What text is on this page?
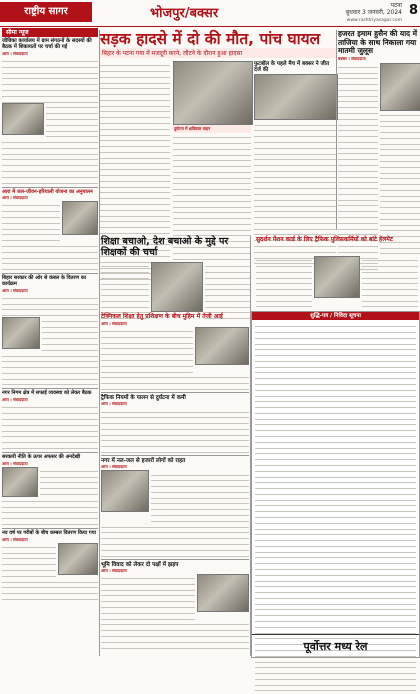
राष्ट्रीय सागर	भोजपुर/बक्सर
पटना
बुधवार 3 जनवरी, 2024 8
www.rashtriyasagar.com
सीमा न्यूज
जीविका कार्यालय में ग्राम संगठनों के सदस्यों की बैठक में शिकायतों पर चर्चा की गई
आरा । संवाददाता
आरा में जल-जीवन-हरियाली योजना का अनुपालन
आरा । संवाददाता
बिहार सरकार की ओर से कंबल के वितरण का कार्यक्रम
आरा । संवाददाता
नगर निगम क्षेत्र में सफाई व्यवस्था को लेकर बैठक
आरा । संवाददाता
सरकारी नीति के ऊपर अफसर की अनदेखी
आरा । संवाददाता
नव वर्ष पर गरीबों के बीच कम्बल वितरण किया गया
आरा । संवाददाता
सड़क हादसे में दो की मौत, पांच घायल
बिहार के पटना गया में मजदूरी करने, लौटने के दौरान हुआ हादसा
दुर्घटना में क्षतिग्रस्त वाहन
फुटबॉल के पहले मैच में बक्सर ने जीत दर्ज की
हजरत इमाम हुसैन की याद में ताजिया के साथ निकाला गया मातमी जुलूस
बक्सर । संवाददाता
शिक्षा बचाओ, देश बचाओ के मुद्दे पर शिक्षकों की चर्चा
सुदर्शन पेंशन कार्ड के लिए ट्रैफिक पुलिसकर्मियों को बांटे हेलमेट
टेक्निकल शिक्षा हेतु प्रशिक्षण के बीच मुहिम में तेजी आई
आरा । संवाददाता
ट्रैफिक नियमों के पालन से दुर्घटना में कमी
आरा । संवाददाता
नगर में नल-जल से हजारों लोगों को राहत
आरा । संवाददाता
भूमि विवाद को लेकर दो पक्षों में झड़प
आरा । संवाददाता
शुद्धि-पत्र / निविदा सूचना
पूर्वोत्तर मध्य रेल
